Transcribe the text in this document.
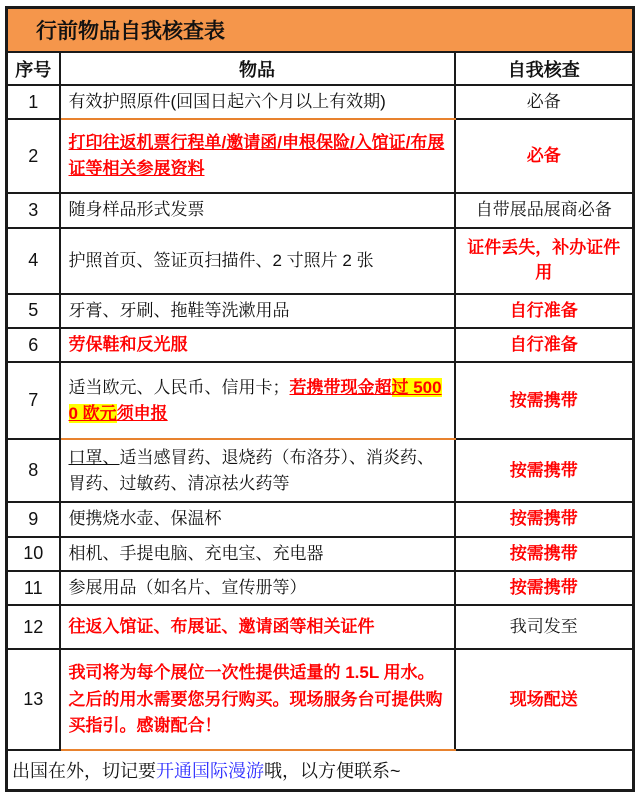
行前物品自我核查表		
序号	物品	自我核查
1	有效护照原件(回国日起六个月以上有效期)	必备
2	打印往返机票行程单/邀请函/申根保险/入馆证/布展证等相关参展资料	必备
3	随身样品形式发票	自带展品展商必备
4	护照首页、签证页扫描件、2 寸照片 2 张	证件丢失，补办证件用
5	牙膏、牙刷、拖鞋等洗漱用品	自行准备
6	劳保鞋和反光服	自行准备
7	适当欧元、人民币、信用卡；若携带现金超过 5000 欧元须申报	按需携带
8	口罩、适当感冒药、退烧药（布洛芬）、消炎药、胃药、过敏药、清凉祛火药等	按需携带
9	便携烧水壶、保温杯	按需携带
10	相机、手提电脑、充电宝、充电器	按需携带
11	参展用品（如名片、宣传册等）	按需携带
12	往返入馆证、布展证、邀请函等相关证件	我司发至
13	我司将为每个展位一次性提供适量的 1.5L 用水。之后的用水需要您另行购买。现场服务台可提供购买指引。感谢配合！	现场配送
出国在外，切记要开通国际漫游哦，以方便联系~		
